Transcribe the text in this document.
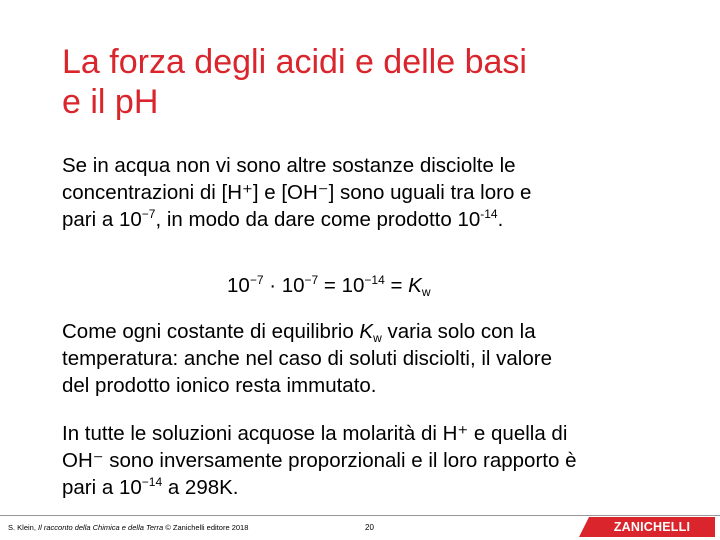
La forza degli acidi e delle basi
e il pH

Se in acqua non vi sono altre sostanze disciolte le
concentrazioni di [H⁺] e [OH⁻] sono uguali tra loro e
pari a $10^{-7}$, in modo da dare come prodotto $10^{-14}$.

$10^{-7} \cdot 10^{-7} = 10^{-14} = K_w$

Come ogni costante di equilibrio $K_w$ varia solo con la
temperatura: anche nel caso di soluti disciolti, il valore
del prodotto ionico resta immutato.

In tutte le soluzioni acquose la molarità di H⁺ e quella di
OH⁻ sono inversamente proporzionali e il loro rapporto è
pari a $10^{-14}$ a 298K.

S. Klein, Il racconto della Chimica e della Terra © Zanichelli editore 2018	20	ZANICHELLI
